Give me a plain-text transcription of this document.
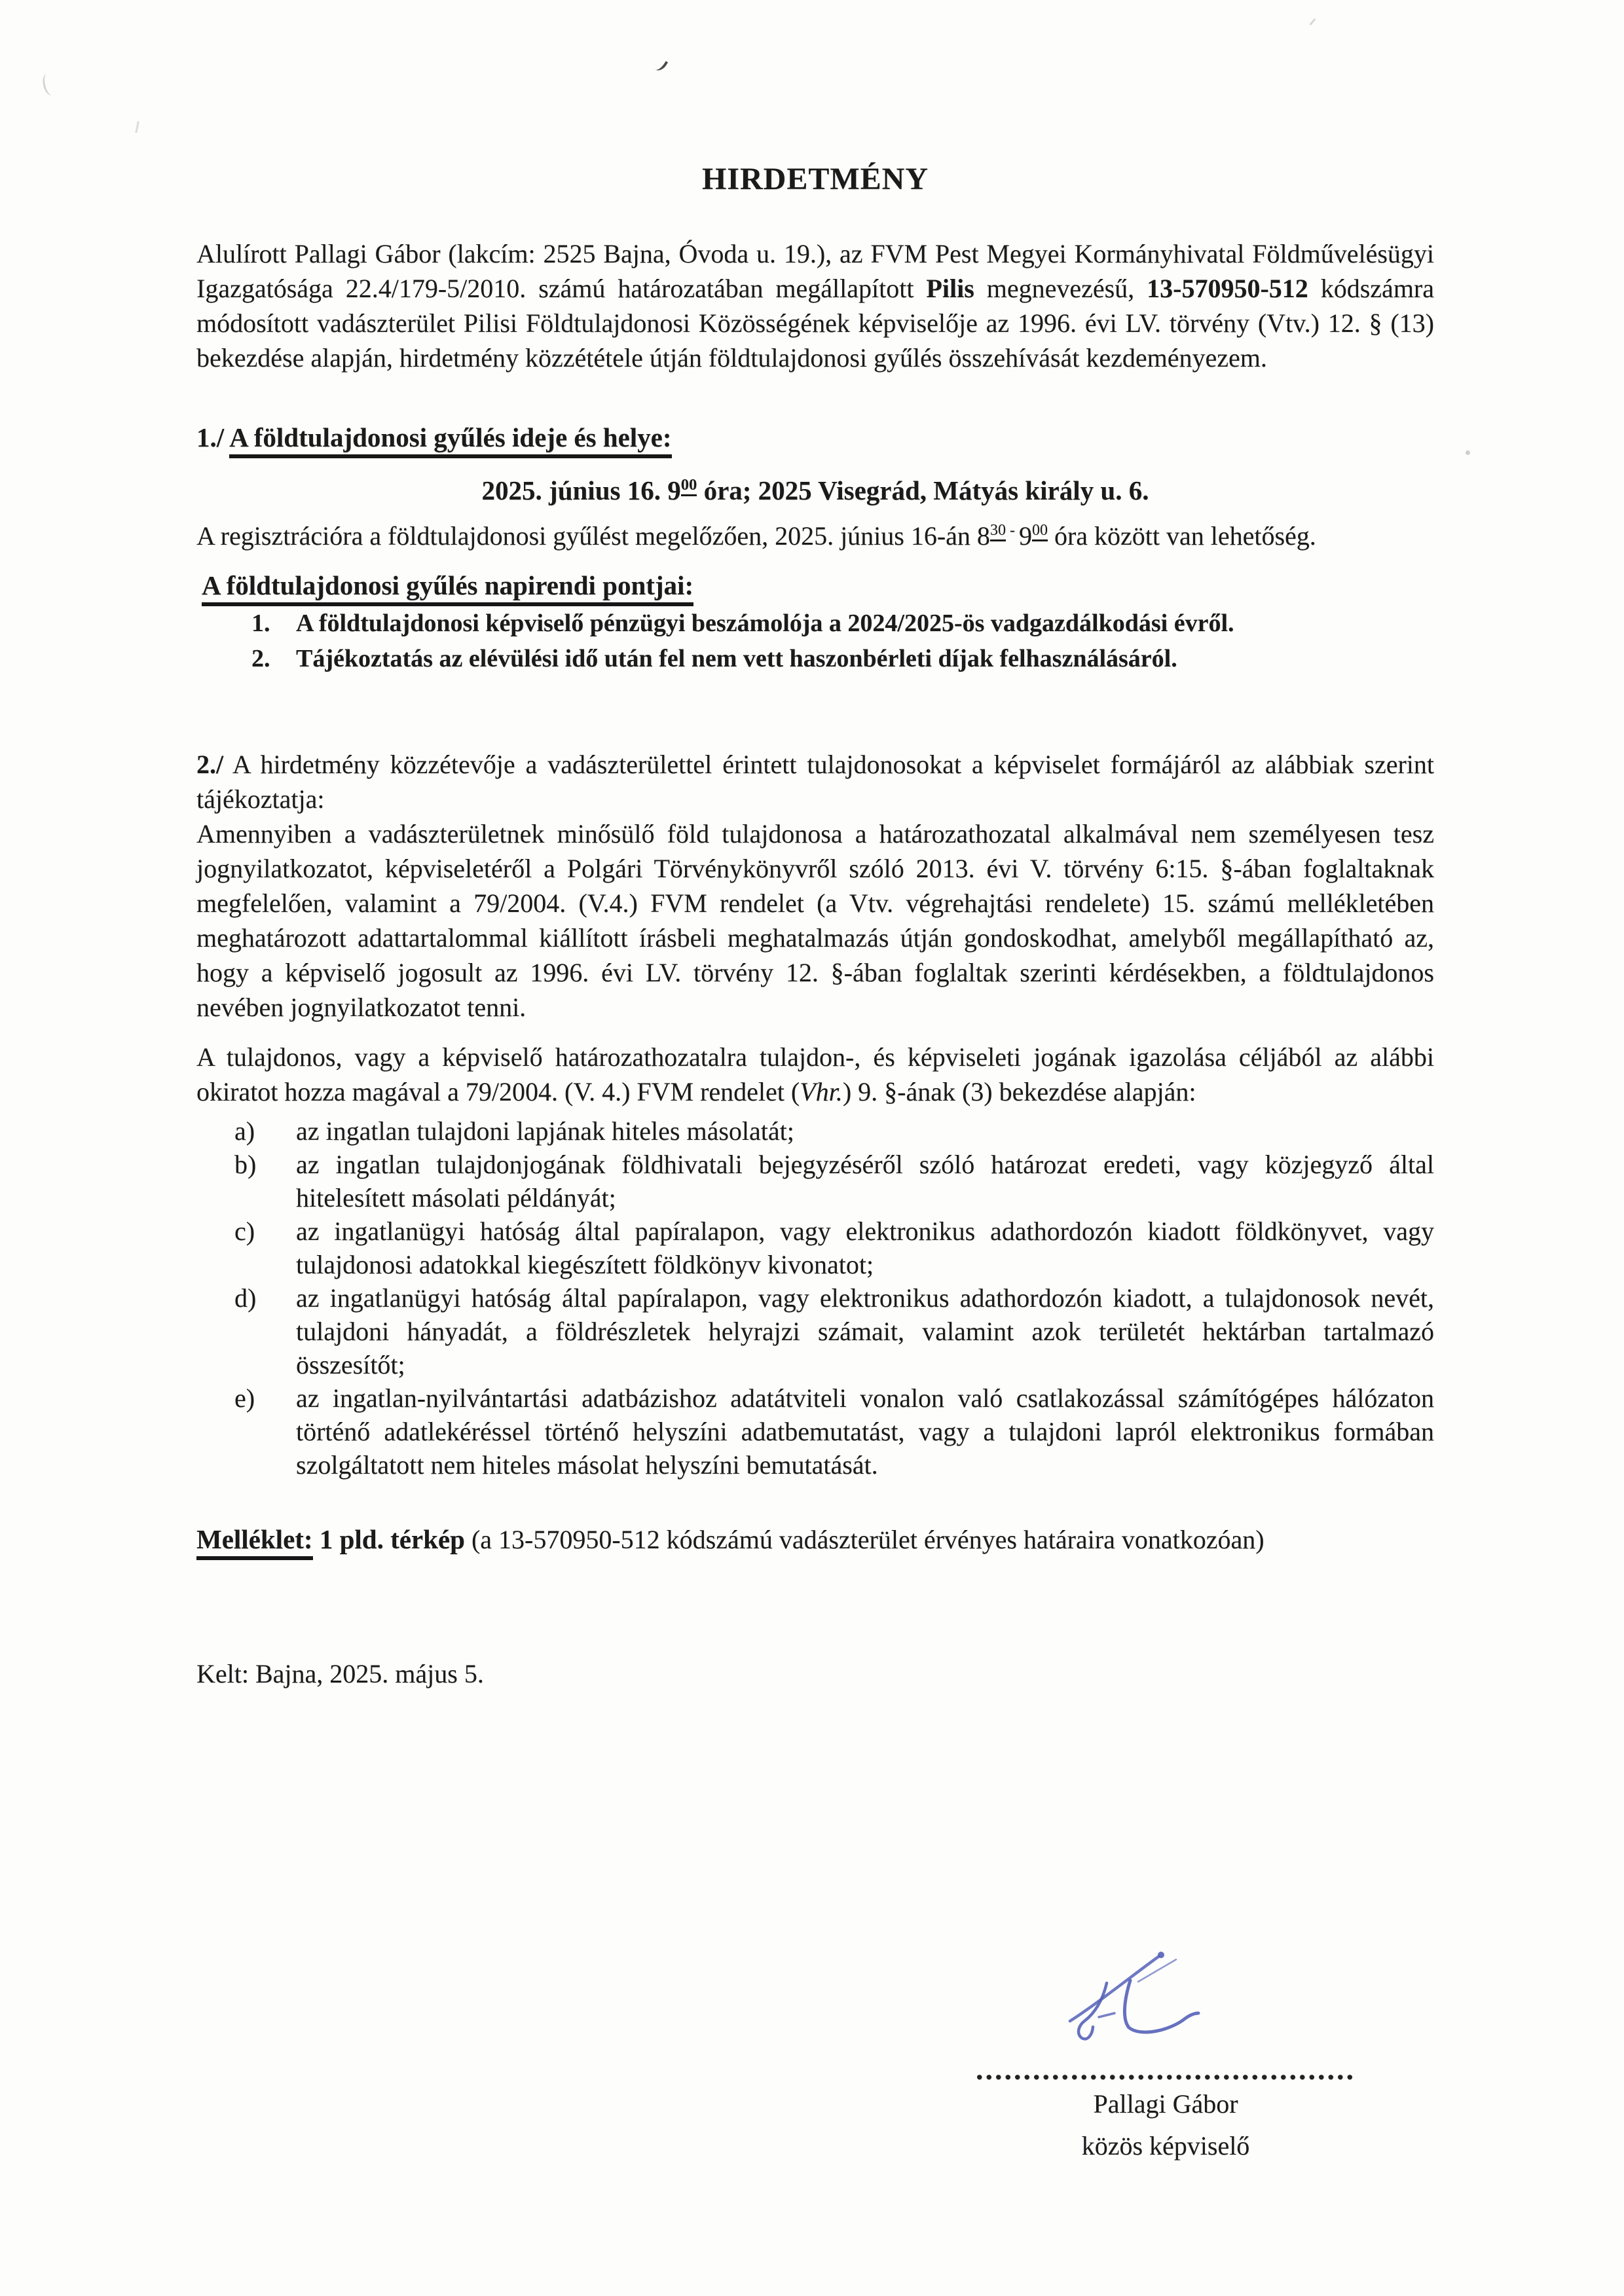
HIRDETMÉNY

Alulírott Pallagi Gábor (lakcím: 2525 Bajna, Óvoda u. 19.), az FVM Pest Megyei Kormányhivatal Földművelésügyi Igazgatósága 22.4/179-5/2010. számú határozatában megállapított Pilis megnevezésű, 13-570950-512 kódszámra módosított vadászterület Pilisi Földtulajdonosi Közösségének képviselője az 1996. évi LV. törvény (Vtv.) 12. § (13) bekezdése alapján, hirdetmény közzététele útján földtulajdonosi gyűlés összehívását kezdeményezem.

1./ A földtulajdonosi gyűlés ideje és helye:
2025. június 16. $9^{00}$ óra; 2025 Visegrád, Mátyás király u. 6.

A regisztrációra a földtulajdonosi gyűlést megelőzően, 2025. június 16-án $8^{30}$ - $9^{00}$ óra között van lehetőség.

A földtulajdonosi gyűlés napirendi pontjai:
1. A földtulajdonosi képviselő pénzügyi beszámolója a 2024/2025-ös vadgazdálkodási évről.
2. Tájékoztatás az elévülési idő után fel nem vett haszonbérleti díjak felhasználásáról.

2./ A hirdetmény közzétevője a vadászterülettel érintett tulajdonosokat a képviselet formájáról az alábbiak szerint tájékoztatja:

Amennyiben a vadászterületnek minősülő föld tulajdonosa a határozathozatal alkalmával nem személyesen tesz jognyilatkozatot, képviseletéről a Polgári Törvénykönyvről szóló 2013. évi V. törvény 6:15. §-ában foglaltaknak megfelelően, valamint a 79/2004. (V.4.) FVM rendelet (a Vtv. végrehajtási rendelete) 15. számú mellékletében meghatározott adattartalommal kiállított írásbeli meghatalmazás útján gondoskodhat, amelyből megállapítható az, hogy a képviselő jogosult az 1996. évi LV. törvény 12. §-ában foglaltak szerinti kérdésekben, a földtulajdonos nevében jognyilatkozatot tenni.

A tulajdonos, vagy a képviselő határozathozatalra tulajdon-, és képviseleti jogának igazolása céljából az alábbi okiratot hozza magával a 79/2004. (V. 4.) FVM rendelet (Vhr.) 9. §-ának (3) bekezdése alapján:

a) az ingatlan tulajdoni lapjának hiteles másolatát;
b) az ingatlan tulajdonjogának földhivatali bejegyzéséről szóló határozat eredeti, vagy közjegyző által hitelesített másolati példányát;
c) az ingatlanügyi hatóság által papíralapon, vagy elektronikus adathordozón kiadott földkönyvet, vagy tulajdonosi adatokkal kiegészített földkönyv kivonatot;
d) az ingatlanügyi hatóság által papíralapon, vagy elektronikus adathordozón kiadott, a tulajdonosok nevét, tulajdoni hányadát, a földrészletek helyrajzi számait, valamint azok területét hektárban tartalmazó összesítőt;
e) az ingatlan-nyilvántartási adatbázishoz adatátviteli vonalon való csatlakozással számítógépes hálózaton történő adatlekéréssel történő helyszíni adatbemutatást, vagy a tulajdoni lapról elektronikus formában szolgáltatott nem hiteles másolat helyszíni bemutatását.

Melléklet: 1 pld. térkép (a 13-570950-512 kódszámú vadászterület érvényes határaira vonatkozóan)

Kelt: Bajna, 2025. május 5.

........................................
Pallagi Gábor
közös képviselő
